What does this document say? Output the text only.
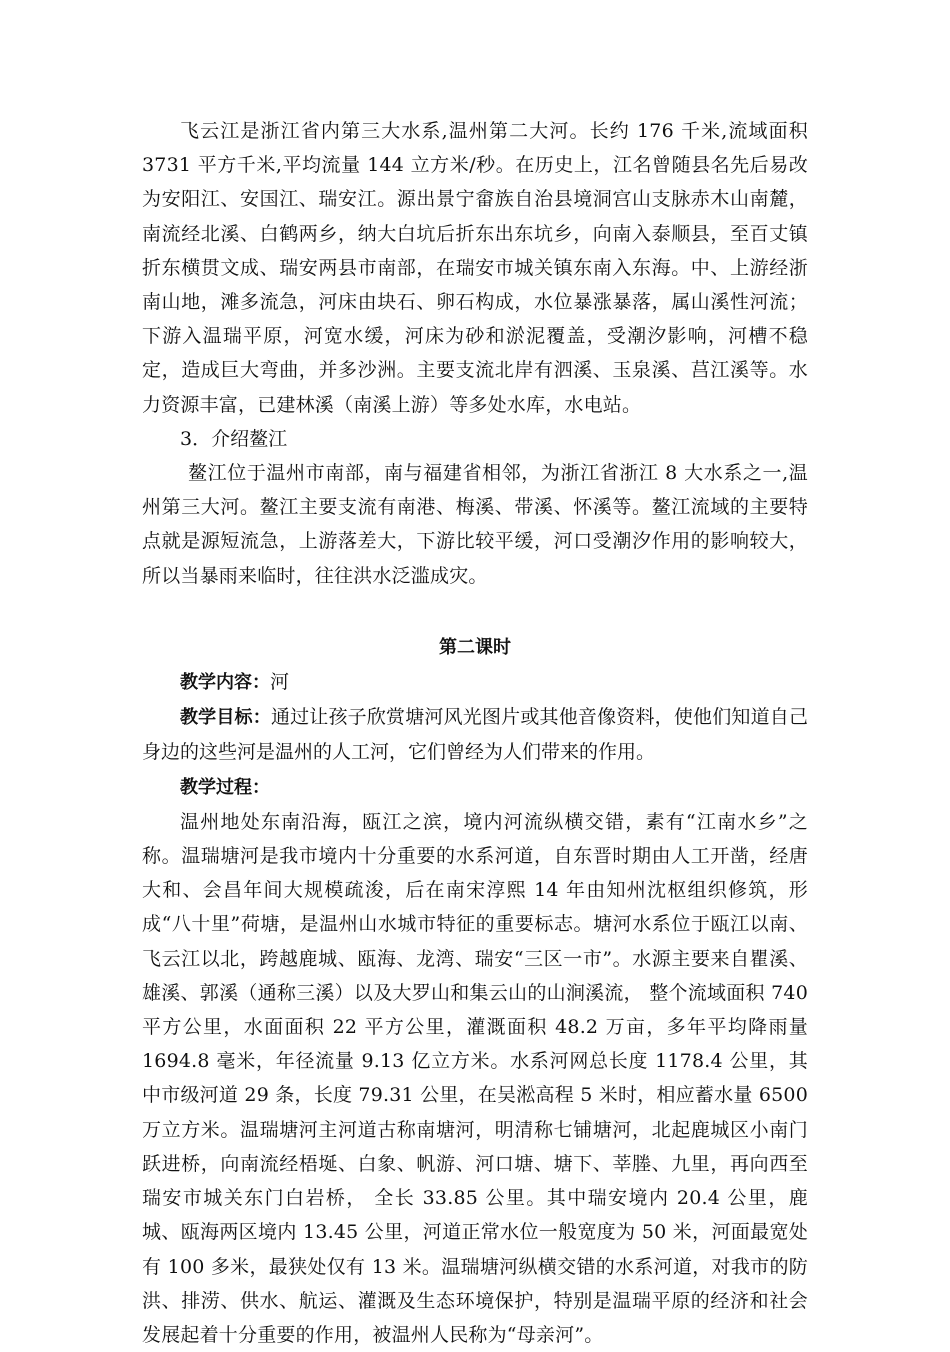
飞云江是浙江省内第三大水系,温州第二大河。长约 176 千米,流域面积 3731 平方千米,平均流量 144 立方米/秒。在历史上，江名曾随县名先后易改为安阳江、安国江、瑞安江。源出景宁畲族自治县境洞宫山支脉赤木山南麓，南流经北溪、白鹤两乡，纳大白坑后折东出东坑乡，向南入泰顺县，至百丈镇折东横贯文成、瑞安两县市南部，在瑞安市城关镇东南入东海。中、上游经浙南山地，滩多流急，河床由块石、卵石构成，水位暴涨暴落，属山溪性河流；下游入温瑞平原，河宽水缓，河床为砂和淤泥覆盖，受潮汐影响，河槽不稳定，造成巨大弯曲，并多沙洲。主要支流北岸有泗溪、玉泉溪、莒江溪等。水力资源丰富，已建林溪（南溪上游）等多处水库，水电站。

3．介绍鳌江

鳌江位于温州市南部，南与福建省相邻，为浙江省浙江 8 大水系之一,温州第三大河。鳌江主要支流有南港、梅溪、带溪、怀溪等。鳌江流域的主要特点就是源短流急，上游落差大，下游比较平缓，河口受潮汐作用的影响较大，所以当暴雨来临时，往往洪水泛滥成灾。

第二课时

教学内容：河

教学目标：通过让孩子欣赏塘河风光图片或其他音像资料，使他们知道自己身边的这些河是温州的人工河，它们曾经为人们带来的作用。

教学过程：

温州地处东南沿海，瓯江之滨，境内河流纵横交错，素有“江南水乡”之称。温瑞塘河是我市境内十分重要的水系河道，自东晋时期由人工开凿，经唐大和、会昌年间大规模疏浚，后在南宋淳熙 14 年由知州沈枢组织修筑，形成“八十里”荷塘，是温州山水城市特征的重要标志。塘河水系位于瓯江以南、飞云江以北，跨越鹿城、瓯海、龙湾、瑞安“三区一市”。水源主要来自瞿溪、雄溪、郭溪（通称三溪）以及大罗山和集云山的山涧溪流， 整个流域面积 740 平方公里，水面面积 22 平方公里，灌溉面积 48.2 万亩，多年平均降雨量 1694.8 毫米，年径流量 9.13 亿立方米。水系河网总长度 1178.4 公里，其中市级河道 29 条，长度 79.31 公里，在吴淞高程 5 米时，相应蓄水量 6500 万立方米。温瑞塘河主河道古称南塘河，明清称七铺塘河，北起鹿城区小南门跃进桥，向南流经梧埏、白象、帆游、河口塘、塘下、莘塍、九里，再向西至瑞安市城关东门白岩桥， 全长 33.85 公里。其中瑞安境内 20.4 公里，鹿城、瓯海两区境内 13.45 公里，河道正常水位一般宽度为 50 米，河面最宽处有 100 多米，最狭处仅有 13 米。温瑞塘河纵横交错的水系河道，对我市的防洪、排涝、供水、航运、灌溉及生态环境保护，特别是温瑞平原的经济和社会发展起着十分重要的作用，被温州人民称为“母亲河”。
